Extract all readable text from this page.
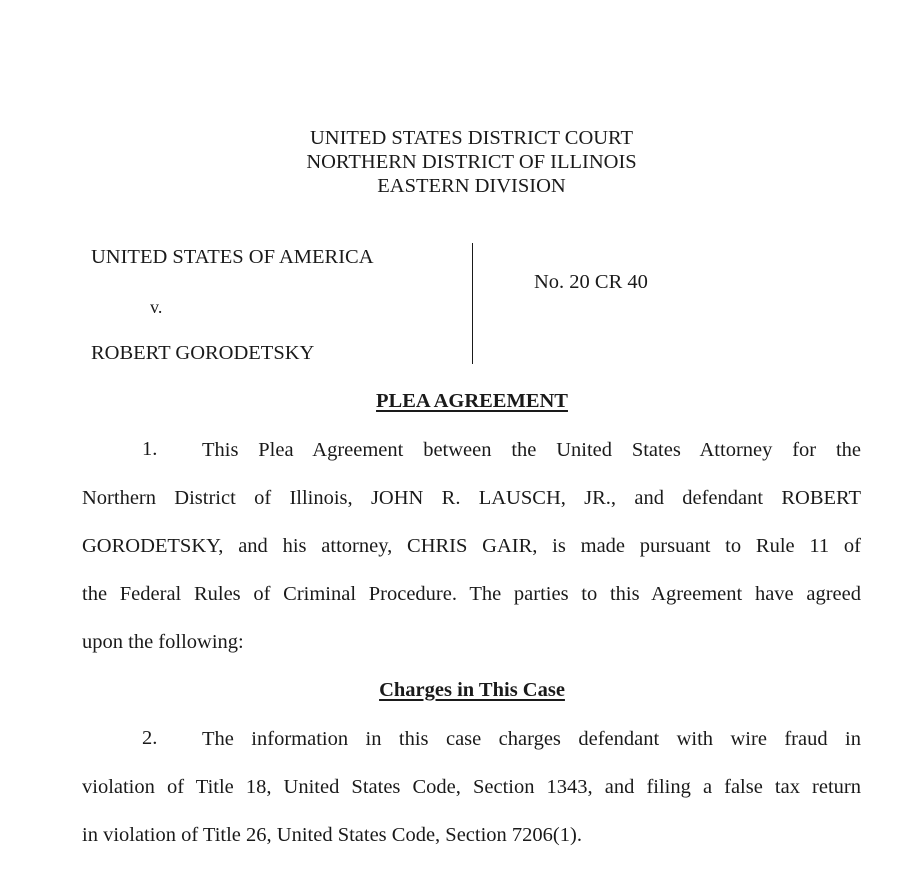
UNITED STATES DISTRICT COURT
NORTHERN DISTRICT OF ILLINOIS
EASTERN DIVISION
UNITED STATES OF AMERICA
v.
ROBERT GORODETSKY
No. 20 CR 40
PLEA AGREEMENT
1.	This Plea Agreement between the United States Attorney for the
Northern District of Illinois, JOHN R. LAUSCH, JR., and defendant ROBERT
GORODETSKY, and his attorney, CHRIS GAIR, is made pursuant to Rule 11 of
the Federal Rules of Criminal Procedure. The parties to this Agreement have agreed
upon the following:
Charges in This Case
2.	The information in this case charges defendant with wire fraud in
violation of Title 18, United States Code, Section 1343, and filing a false tax return
in violation of Title 26, United States Code, Section 7206(1).
